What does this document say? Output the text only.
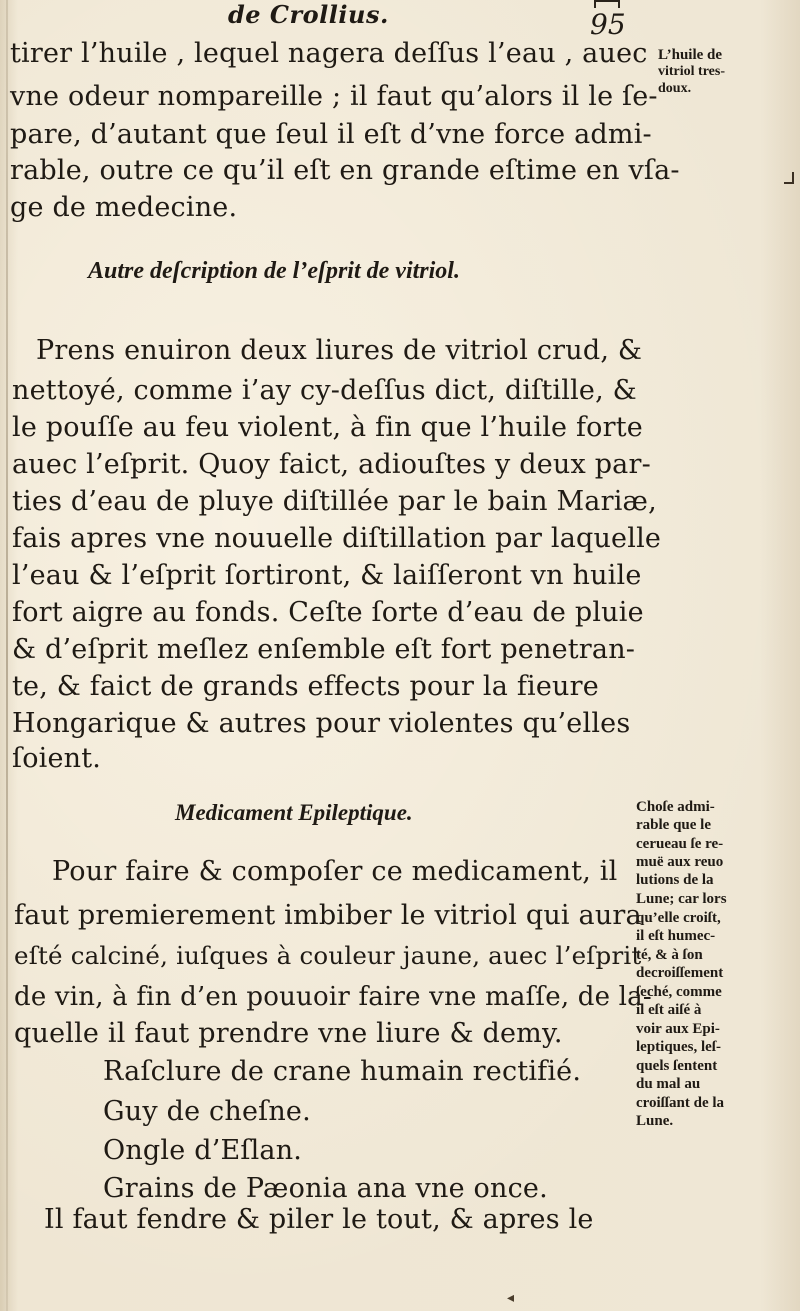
de Crollius.	95
tirer l’huile , lequel nagera deſſus l’eau , auec
vne odeur nompareille ; il faut qu’alors il le ſe-
pare, d’autant que ſeul il eſt d’vne force admi-
rable, outre ce qu’il eſt en grande eſtime en vſa-
ge de medecine.
Autre deſcription de l’eſprit de vitriol.
Prens enuiron deux liures de vitriol crud, &
nettoyé, comme i’ay cy-deſſus dict, diſtille, &
le pouſſe au feu violent, à fin que l’huile forte
auec l’eſprit. Quoy faict, adiouſtes y deux par-
ties d’eau de pluye diſtillée par le bain Mariæ,
fais apres vne nouuelle diſtillation par laquelle
l’eau & l’eſprit ſortiront, & laiſſeront vn huile
fort aigre au fonds. Ceſte ſorte d’eau de pluie
& d’eſprit meſlez enſemble eſt fort penetran-
te, & faict de grands effects pour la fieure
Hongarique & autres pour violentes qu’elles
ſoient.
Medicament Epileptique.
Pour faire & compoſer ce medicament, il
faut premierement imbiber le vitriol qui aura
eſté calciné, iuſques à couleur jaune, auec l’eſprit
de vin, à fin d’en pouuoir faire vne maſſe, de la-
quelle il faut prendre vne liure & demy.
Raſclure de crane humain rectifié.
Guy de cheſne.
Ongle d’Eſlan.
Grains de Pæonia ana vne once.
Il faut fendre & piler le tout, & apres le
L’huile de
vitriol tres-
doux.
Choſe admi-
rable que le
cerueau ſe re-
muë aux reuo
lutions de la
Lune; car lors
qu’elle croiſt,
il eſt humec-
té, & à ſon
decroiſſement
ſeché, comme
il eſt aiſé à
voir aux Epi-
leptiques, leſ-
quels ſentent
du mal au
croiſſant de la
Lune.
◂
